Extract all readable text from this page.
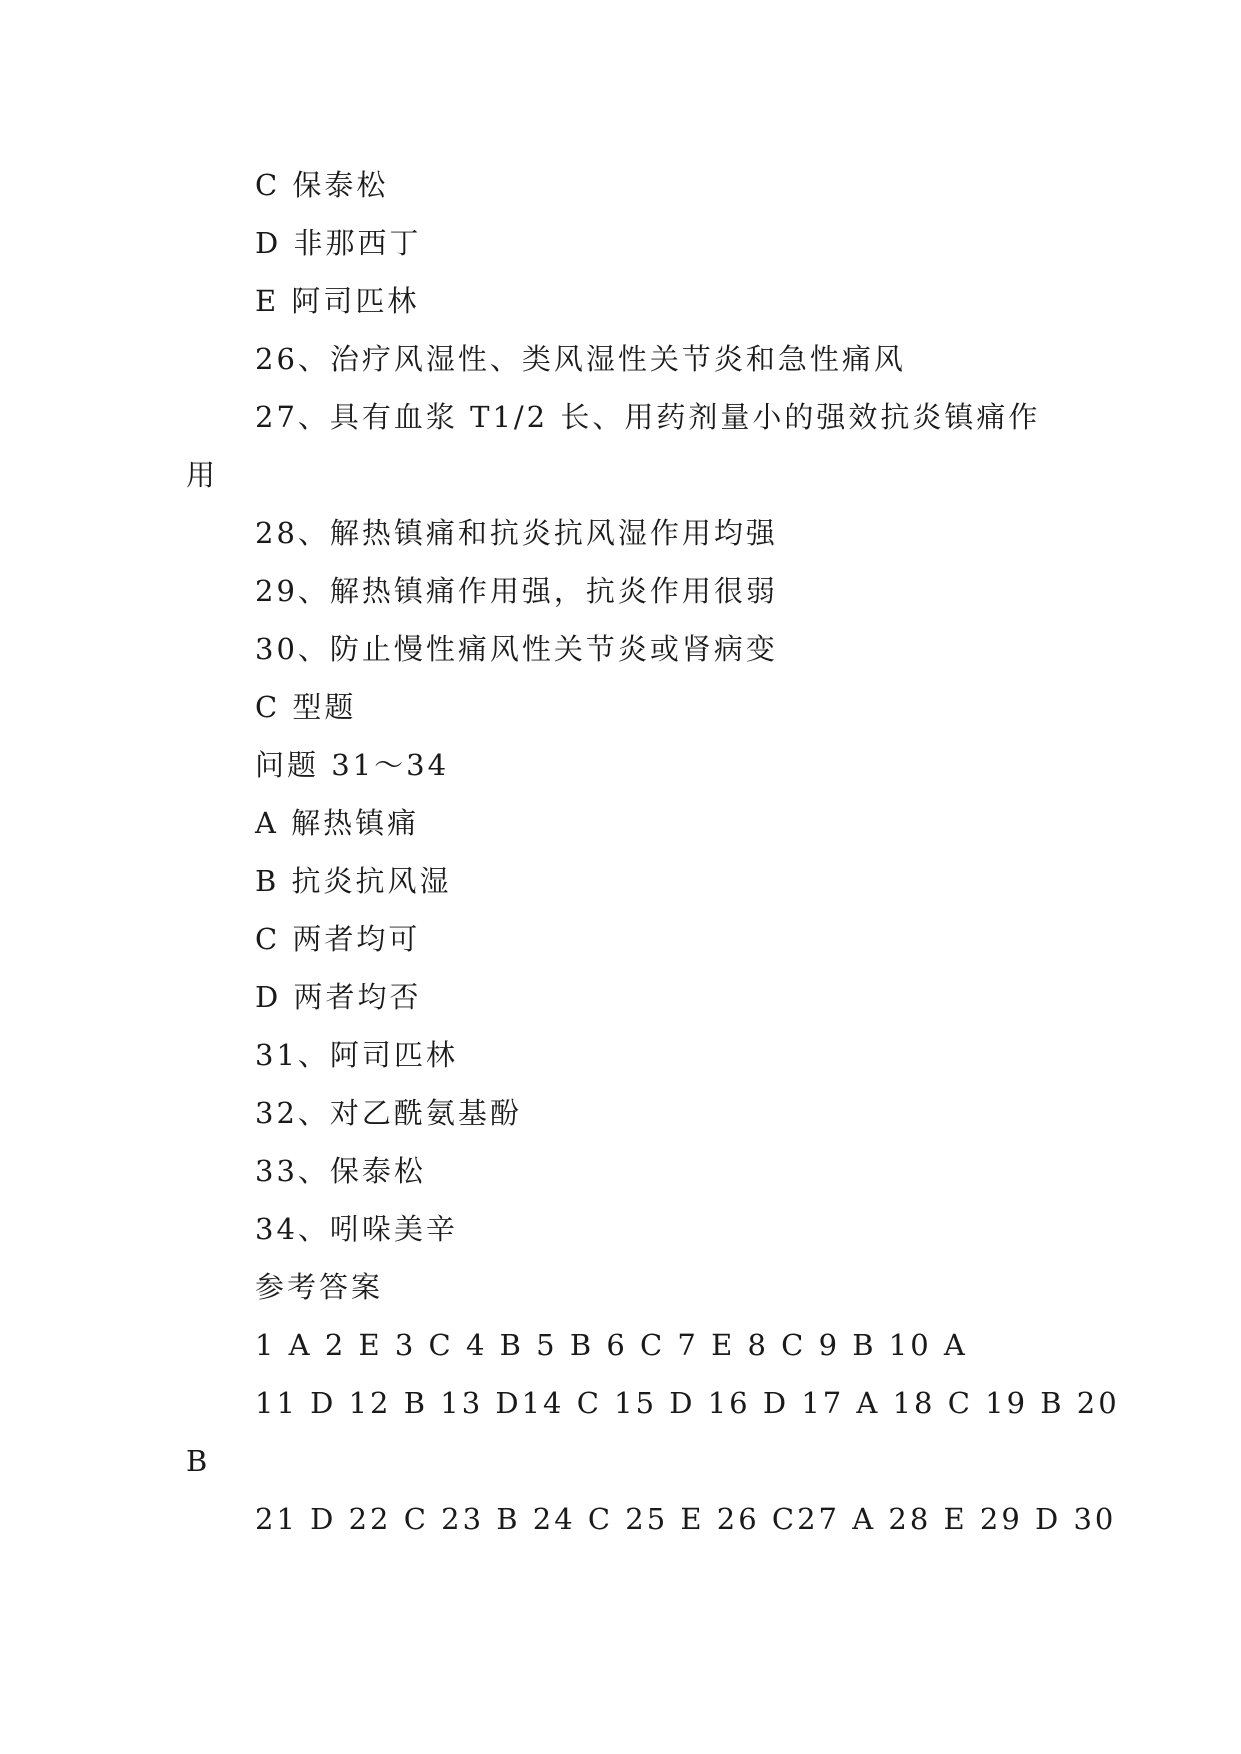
C 保泰松
D 非那西丁
E 阿司匹林
26、治疗风湿性、类风湿性关节炎和急性痛风
27、具有血浆 T1/2 长、用药剂量小的强效抗炎镇痛作
用
28、解热镇痛和抗炎抗风湿作用均强
29、解热镇痛作用强，抗炎作用很弱
30、防止慢性痛风性关节炎或肾病变
C 型题
问题 31～34
A 解热镇痛
B 抗炎抗风湿
C 两者均可
D 两者均否
31、阿司匹林
32、对乙酰氨基酚
33、保泰松
34、吲哚美辛
参考答案
1 A 2 E 3 C 4 B 5 B 6 C 7 E 8 C 9 B 10 A
11 D 12 B 13 D14 C 15 D 16 D 17 A 18 C 19 B 20
B
21 D 22 C 23 B 24 C 25 E 26 C27 A 28 E 29 D 30
